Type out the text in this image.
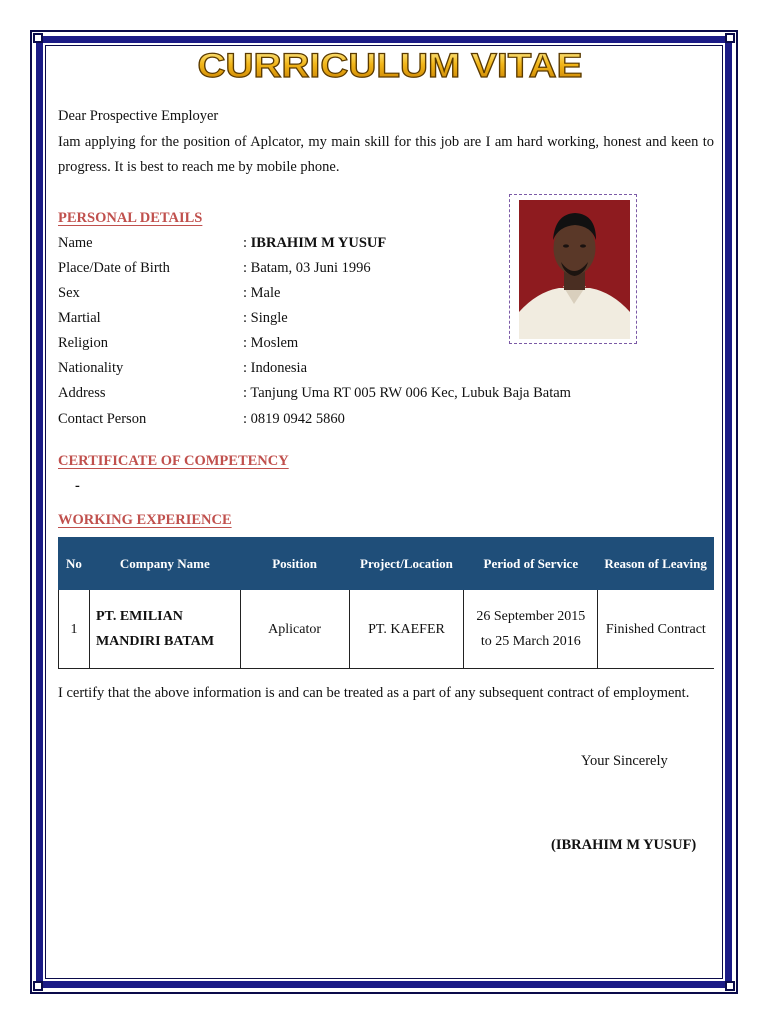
CURRICULUM VITAE
Dear Prospective Employer
Iam applying for the position of Aplcator, my main skill for this job are I am hard working, honest and keen to progress. It is best to reach me by mobile phone.
PERSONAL DETAILS
Name	: IBRAHIM M YUSUF
Place/Date of Birth	: Batam, 03 Juni 1996
Sex	: Male
Martial	: Single
Religion	: Moslem
Nationality	: Indonesia
Address	: Tanjung Uma RT 005 RW 006 Kec, Lubuk Baja Batam
Contact Person	: 0819 0942 5860
CERTIFICATE OF COMPETENCY
-
WORKING EXPERIENCE
No	Company Name	Position	Project/Location	Period of Service	Reason of Leaving
1	PT. EMILIAN MANDIRI BATAM	Aplicator	PT. KAEFER	26 September 2015 to 25 March 2016	Finished Contract
I certify that the above information is and can be treated as a part of any subsequent contract of employment.
Your Sincerely
(IBRAHIM M YUSUF)
